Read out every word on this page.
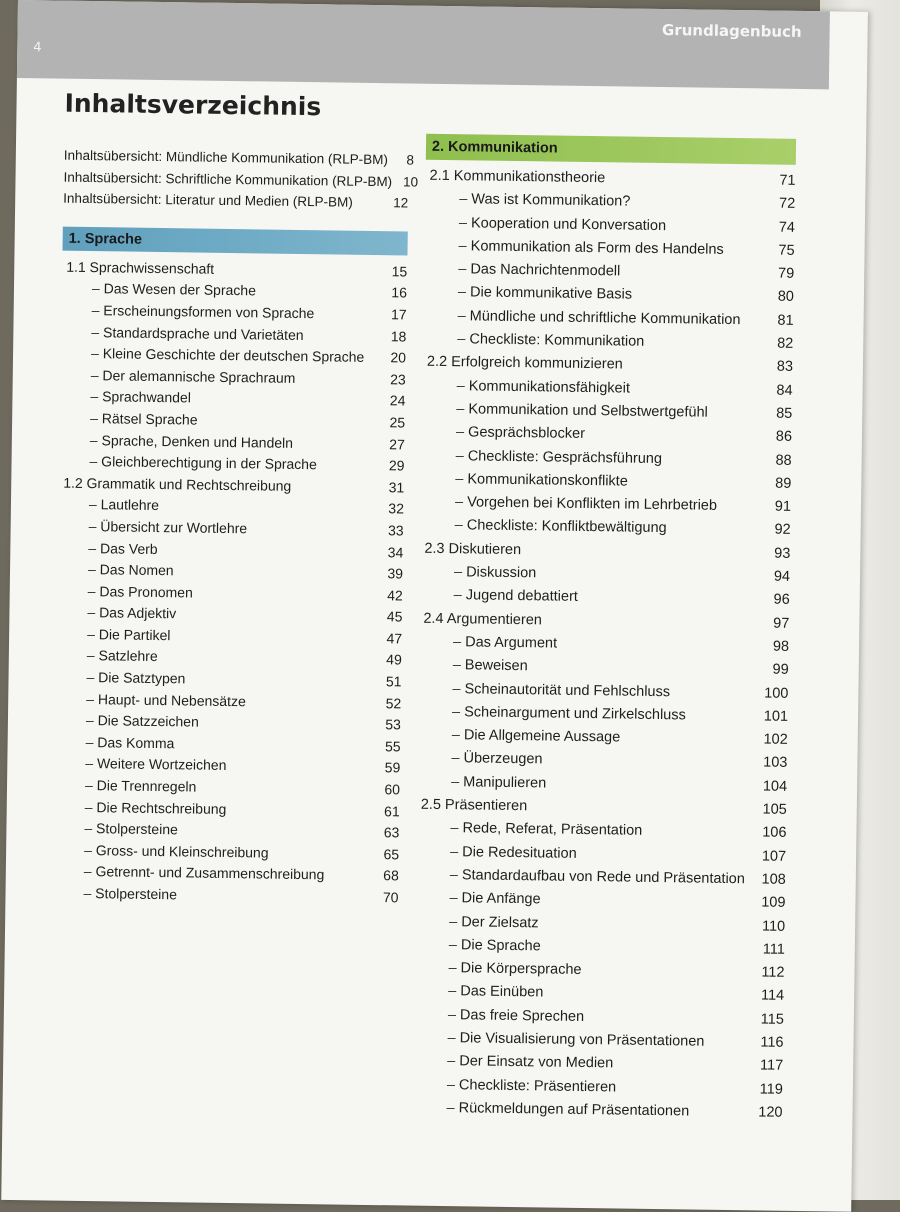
4
Grundlagenbuch
Inhaltsverzeichnis
Inhaltsübersicht: Mündliche Kommunikation (RLP-BM)	8
Inhaltsübersicht: Schriftliche Kommunikation (RLP-BM) 10
Inhaltsübersicht: Literatur und Medien (RLP-BM)	12
1. Sprache
1.1 Sprachwissenschaft	15
– Das Wesen der Sprache	16
– Erscheinungsformen von Sprache	17
– Standardsprache und Varietäten	18
– Kleine Geschichte der deutschen Sprache	20
– Der alemannische Sprachraum	23
– Sprachwandel	24
– Rätsel Sprache	25
– Sprache, Denken und Handeln	27
– Gleichberechtigung in der Sprache	29
1.2 Grammatik und Rechtschreibung	31
– Lautlehre	32
– Übersicht zur Wortlehre	33
– Das Verb	34
– Das Nomen	39
– Das Pronomen	42
– Das Adjektiv	45
– Die Partikel	47
– Satzlehre	49
– Die Satztypen	51
– Haupt- und Nebensätze	52
– Die Satzzeichen	53
– Das Komma	55
– Weitere Wortzeichen	59
– Die Trennregeln	60
– Die Rechtschreibung	61
– Stolpersteine	63
– Gross- und Kleinschreibung	65
– Getrennt- und Zusammenschreibung	68
– Stolpersteine	70
2. Kommunikation
2.1 Kommunikationstheorie	71
– Was ist Kommunikation?	72
– Kooperation und Konversation	74
– Kommunikation als Form des Handelns	75
– Das Nachrichtenmodell	79
– Die kommunikative Basis	80
– Mündliche und schriftliche Kommunikation	81
– Checkliste: Kommunikation	82
2.2 Erfolgreich kommunizieren	83
– Kommunikationsfähigkeit	84
– Kommunikation und Selbstwertgefühl	85
– Gesprächsblocker	86
– Checkliste: Gesprächsführung	88
– Kommunikationskonflikte	89
– Vorgehen bei Konflikten im Lehrbetrieb	91
– Checkliste: Konfliktbewältigung	92
2.3 Diskutieren	93
– Diskussion	94
– Jugend debattiert	96
2.4 Argumentieren	97
– Das Argument	98
– Beweisen	99
– Scheinautorität und Fehlschluss	100
– Scheinargument und Zirkelschluss	101
– Die Allgemeine Aussage	102
– Überzeugen	103
– Manipulieren	104
2.5 Präsentieren	105
– Rede, Referat, Präsentation	106
– Die Redesituation	107
– Standardaufbau von Rede und Präsentation 108
– Die Anfänge	109
– Der Zielsatz	110
– Die Sprache	111
– Die Körpersprache	112
– Das Einüben	114
– Das freie Sprechen	115
– Die Visualisierung von Präsentationen	116
– Der Einsatz von Medien	117
– Checkliste: Präsentieren	119
– Rückmeldungen auf Präsentationen	120
